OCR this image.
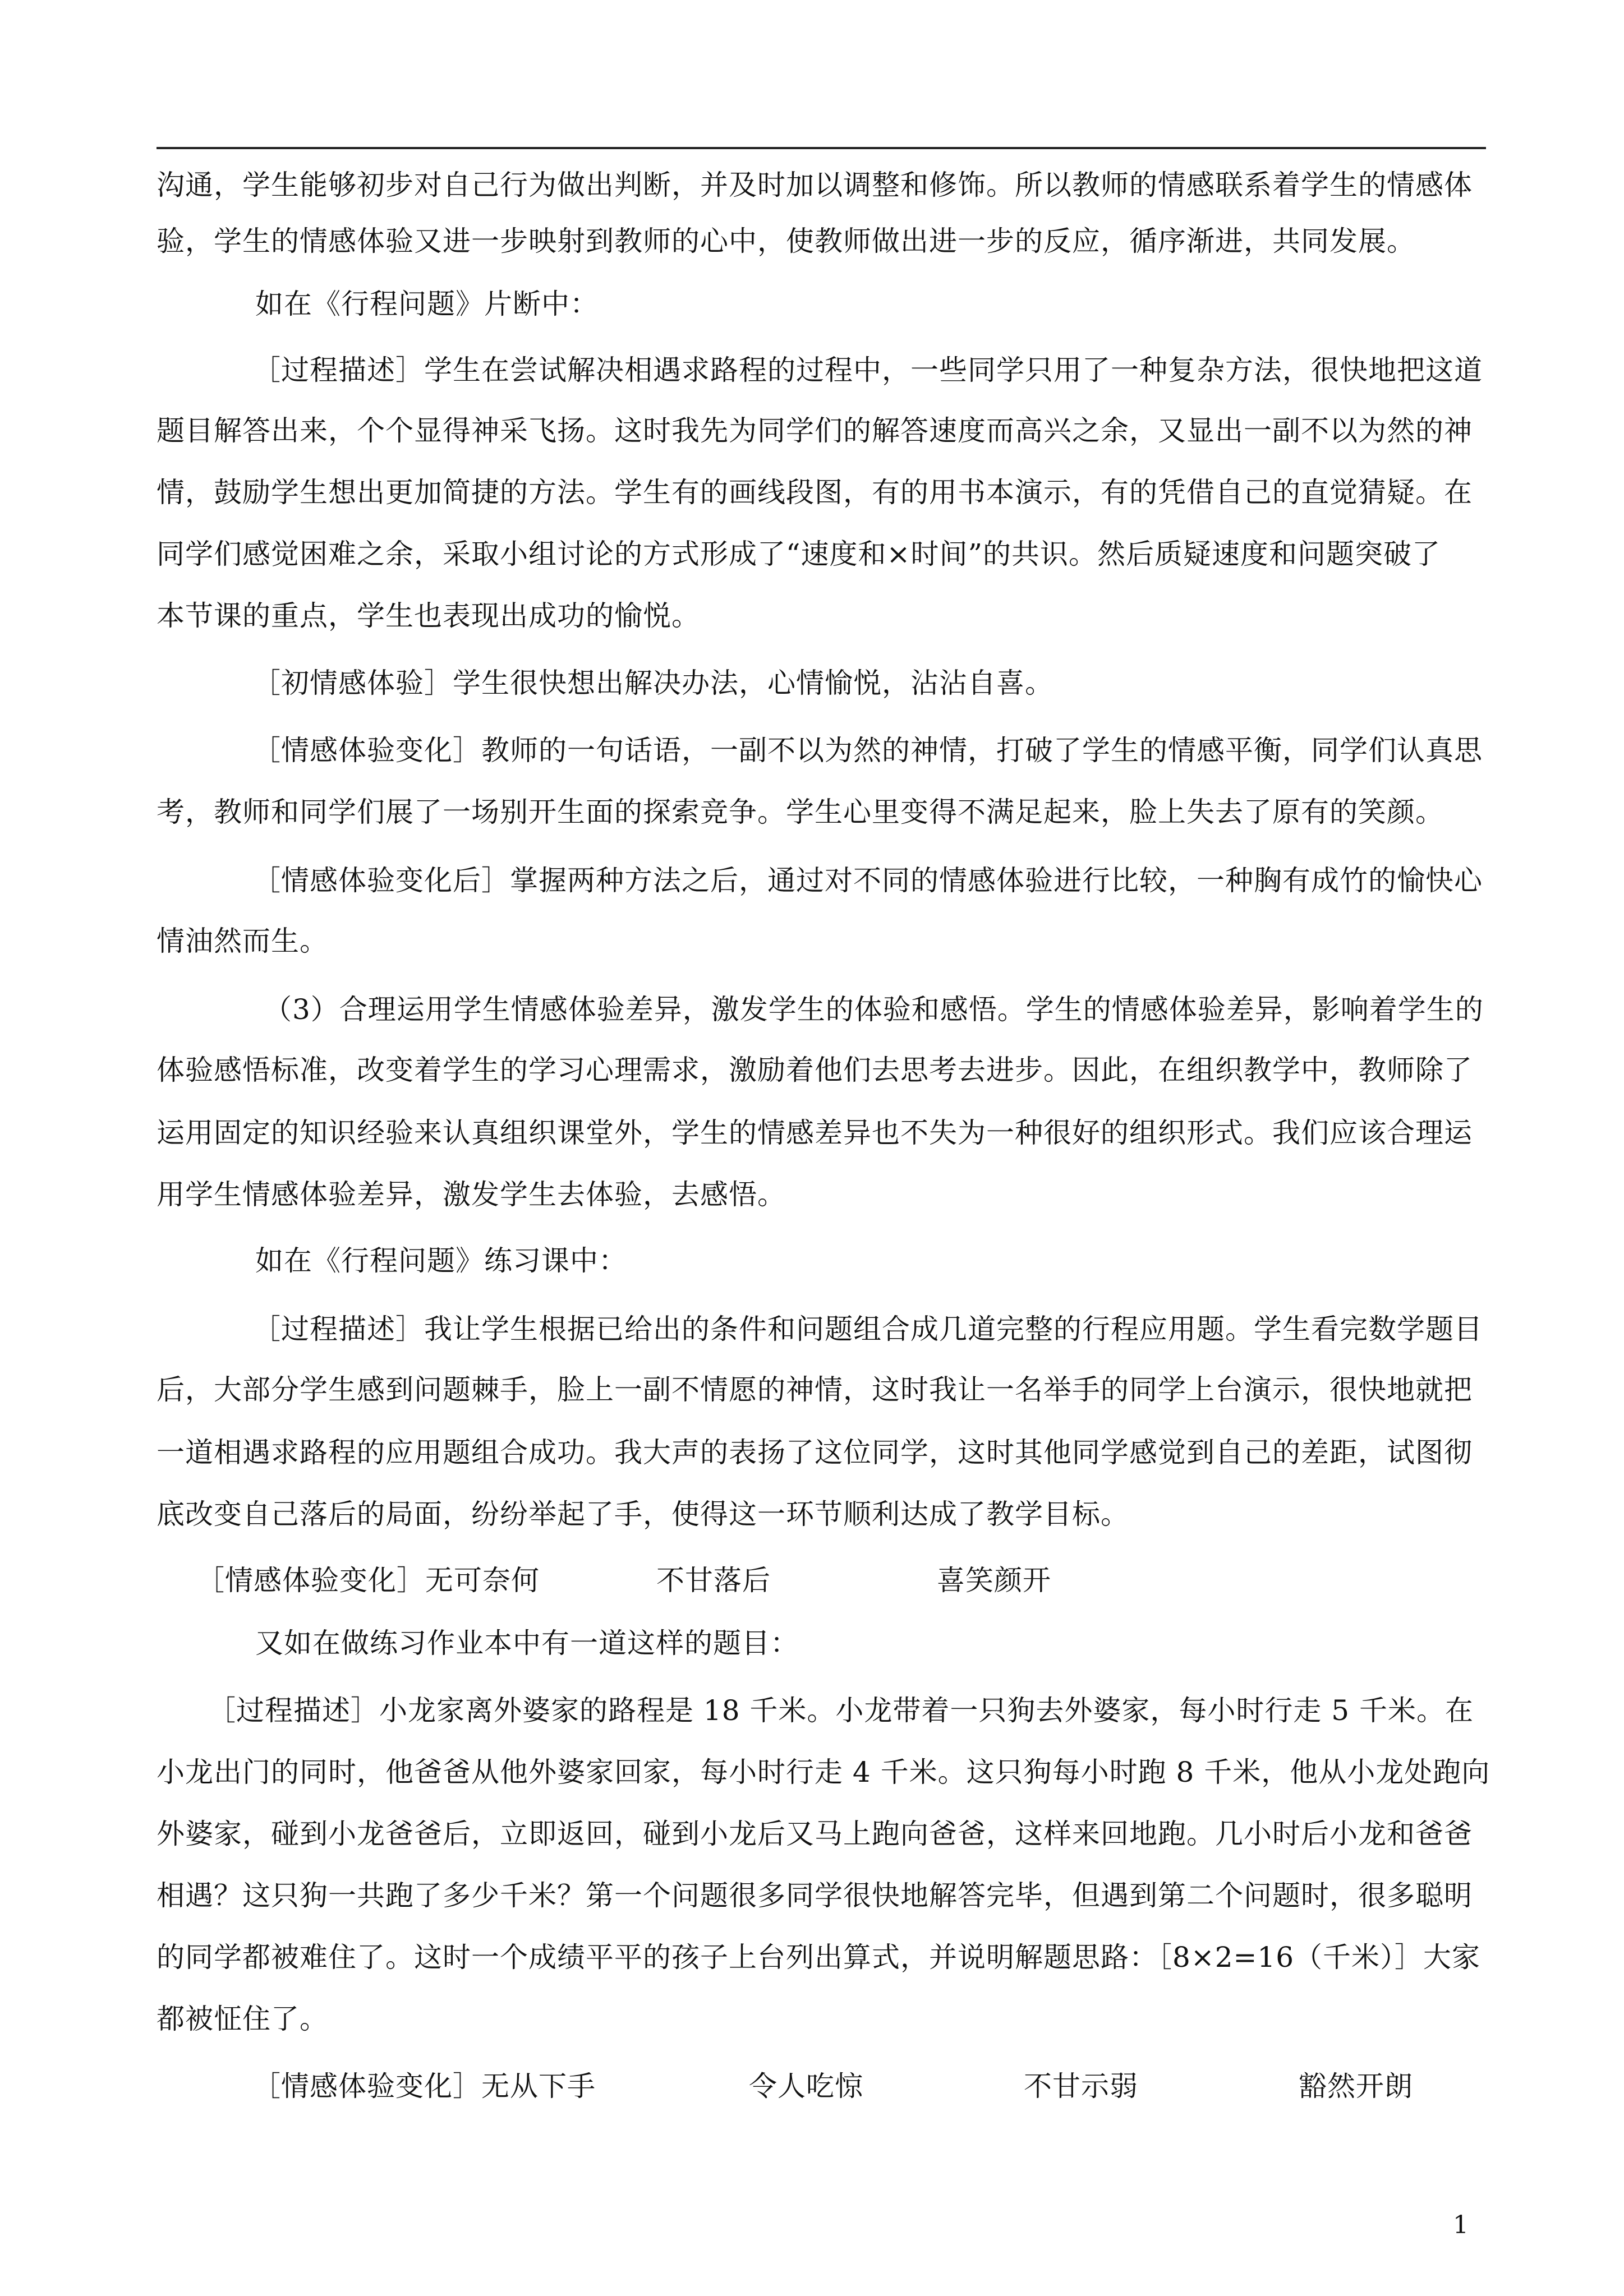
沟通，学生能够初步对自己行为做出判断，并及时加以调整和修饰。所以教师的情感联系着学生的情感体
验，学生的情感体验又进一步映射到教师的心中，使教师做出进一步的反应，循序渐进，共同发展。
如在《行程问题》片断中：
［过程描述］学生在尝试解决相遇求路程的过程中，一些同学只用了一种复杂方法，很快地把这道
题目解答出来，个个显得神采飞扬。这时我先为同学们的解答速度而高兴之余，又显出一副不以为然的神
情，鼓励学生想出更加简捷的方法。学生有的画线段图，有的用书本演示，有的凭借自己的直觉猜疑。在
同学们感觉困难之余，采取小组讨论的方式形成了“速度和×时间”的共识。然后质疑速度和问题突破了
本节课的重点，学生也表现出成功的愉悦。
［初情感体验］学生很快想出解决办法，心情愉悦，沾沾自喜。
［情感体验变化］教师的一句话语，一副不以为然的神情，打破了学生的情感平衡，同学们认真思
考，教师和同学们展了一场别开生面的探索竞争。学生心里变得不满足起来，脸上失去了原有的笑颜。
［情感体验变化后］掌握两种方法之后，通过对不同的情感体验进行比较，一种胸有成竹的愉快心
情油然而生。
（3）合理运用学生情感体验差异，激发学生的体验和感悟。学生的情感体验差异，影响着学生的
体验感悟标准，改变着学生的学习心理需求，激励着他们去思考去进步。因此，在组织教学中，教师除了
运用固定的知识经验来认真组织课堂外，学生的情感差异也不失为一种很好的组织形式。我们应该合理运
用学生情感体验差异，激发学生去体验，去感悟。
如在《行程问题》练习课中：
［过程描述］我让学生根据已给出的条件和问题组合成几道完整的行程应用题。学生看完数学题目
后，大部分学生感到问题棘手，脸上一副不情愿的神情，这时我让一名举手的同学上台演示，很快地就把
一道相遇求路程的应用题组合成功。我大声的表扬了这位同学，这时其他同学感觉到自己的差距，试图彻
底改变自己落后的局面，纷纷举起了手，使得这一环节顺利达成了教学目标。
［情感体验变化］无可奈何	不甘落后	喜笑颜开
又如在做练习作业本中有一道这样的题目：
［过程描述］小龙家离外婆家的路程是 18 千米。小龙带着一只狗去外婆家，每小时行走 5 千米。在
小龙出门的同时，他爸爸从他外婆家回家，每小时行走 4 千米。这只狗每小时跑 8 千米，他从小龙处跑向
外婆家，碰到小龙爸爸后，立即返回，碰到小龙后又马上跑向爸爸，这样来回地跑。几小时后小龙和爸爸
相遇？这只狗一共跑了多少千米？第一个问题很多同学很快地解答完毕，但遇到第二个问题时，很多聪明
的同学都被难住了。这时一个成绩平平的孩子上台列出算式，并说明解题思路：［8×2=16（千米）］大家
都被怔住了。
［情感体验变化］无从下手	令人吃惊	不甘示弱	豁然开朗
1
